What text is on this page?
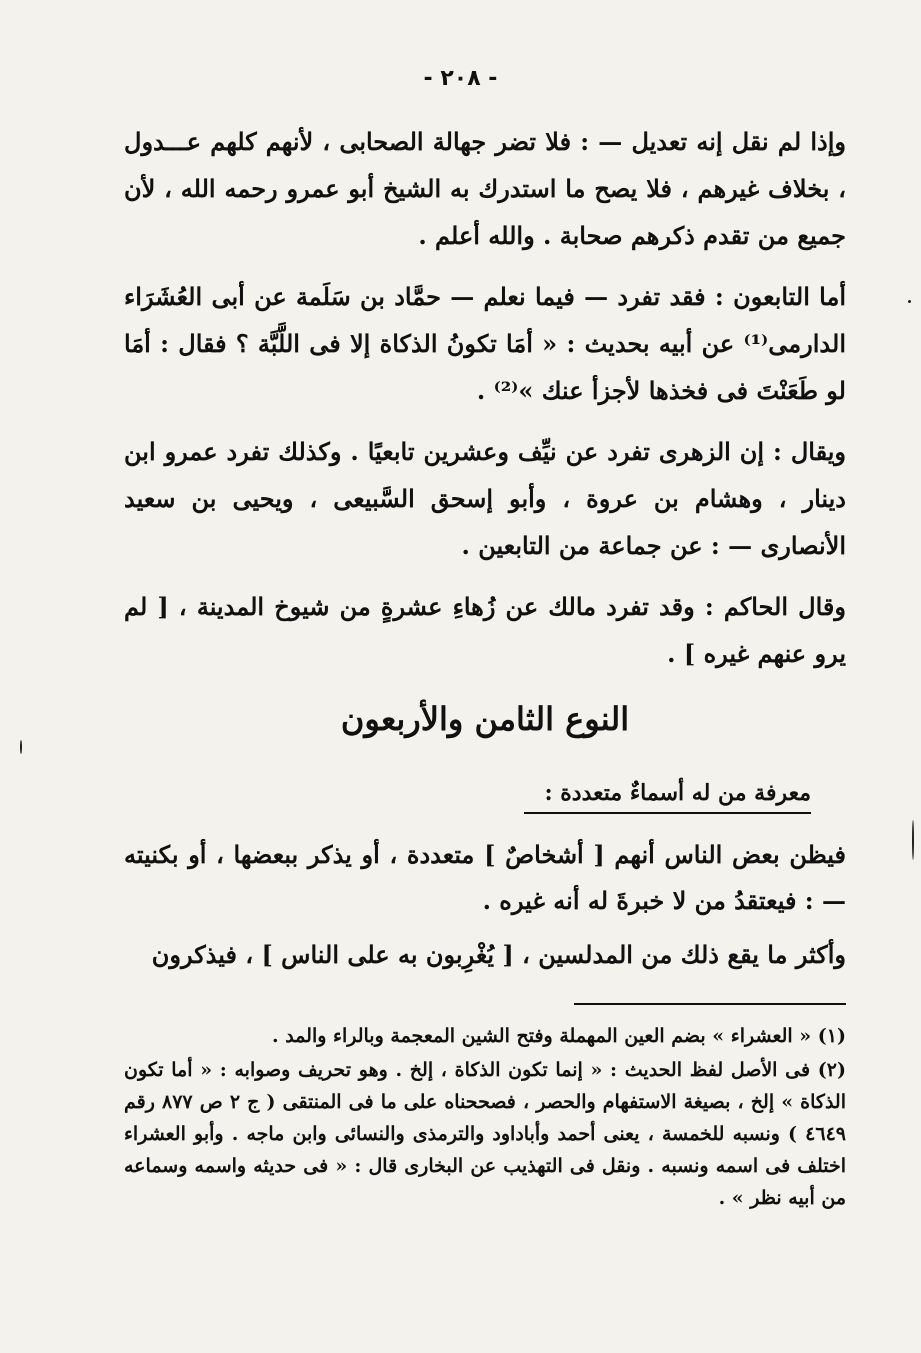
- ٢٠٨ -

وإذا لم نقل إنه تعديل — : فلا تضر جهالة الصحابى ، لأنهم كلهم عـــدول ، بخلاف غيرهم ، فلا يصح ما استدرك به الشيخ أبو عمرو رحمه الله ، لأن جميع من تقدم ذكرهم صحابة . والله أعلم .

أما التابعون : فقد تفرد — فيما نعلم — حمَّاد بن سَلَمة عن أبى العُشَرَاء الدارمى⁽¹⁾ عن أبيه بحديث : « أمَا تكونُ الذكاة إلا فى اللَّبَّة ؟ فقال : أمَا لو طَعَنْتَ فى فخذها لأجزأ عنك »⁽²⁾ .

ويقال : إن الزهرى تفرد عن نيِّف وعشرين تابعيًا . وكذلك تفرد عمرو ابن دينار ، وهشام بن عروة ، وأبو إسحق السَّبيعى ، ويحيى بن سعيد الأنصارى — : عن جماعة من التابعين .

وقال الحاكم : وقد تفرد مالك عن زُهاءِ عشرةٍ من شيوخ المدينة ، [ لم يرو عنهم غيره ] .

النوع الثامن والأربعون
معرفة من له أسماءٌ متعددة :

فيظن بعض الناس أنهم [ أشخاصٌ ] متعددة ، أو يذكر ببعضها ، أو بكنيته — : فيعتقدُ من لا خبرةَ له أنه غيره .

وأكثر ما يقع ذلك من المدلسين ، [ يُغْرِبون به على الناس ] ، فيذكرون

(١) « العشراء » بضم العين المهملة وفتح الشين المعجمة وبالراء والمد .

(٢) فى الأصل لفظ الحديث : « إنما تكون الذكاة ، إلخ . وهو تحريف وصوابه : « أما تكون الذكاة » إلخ ، بصيغة الاستفهام والحصر ، فصححناه على ما فى المنتقى ( ج ٢ ص ٨٧٧ رقم ٤٦٤٩ ) ونسبه للخمسة ، يعنى أحمد وأباداود والترمذى والنسائى وابن ماجه . وأبو العشراء اختلف فى اسمه ونسبه . ونقل فى التهذيب عن البخارى قال : « فى حديثه واسمه وسماعه من أبيه نظر » .
